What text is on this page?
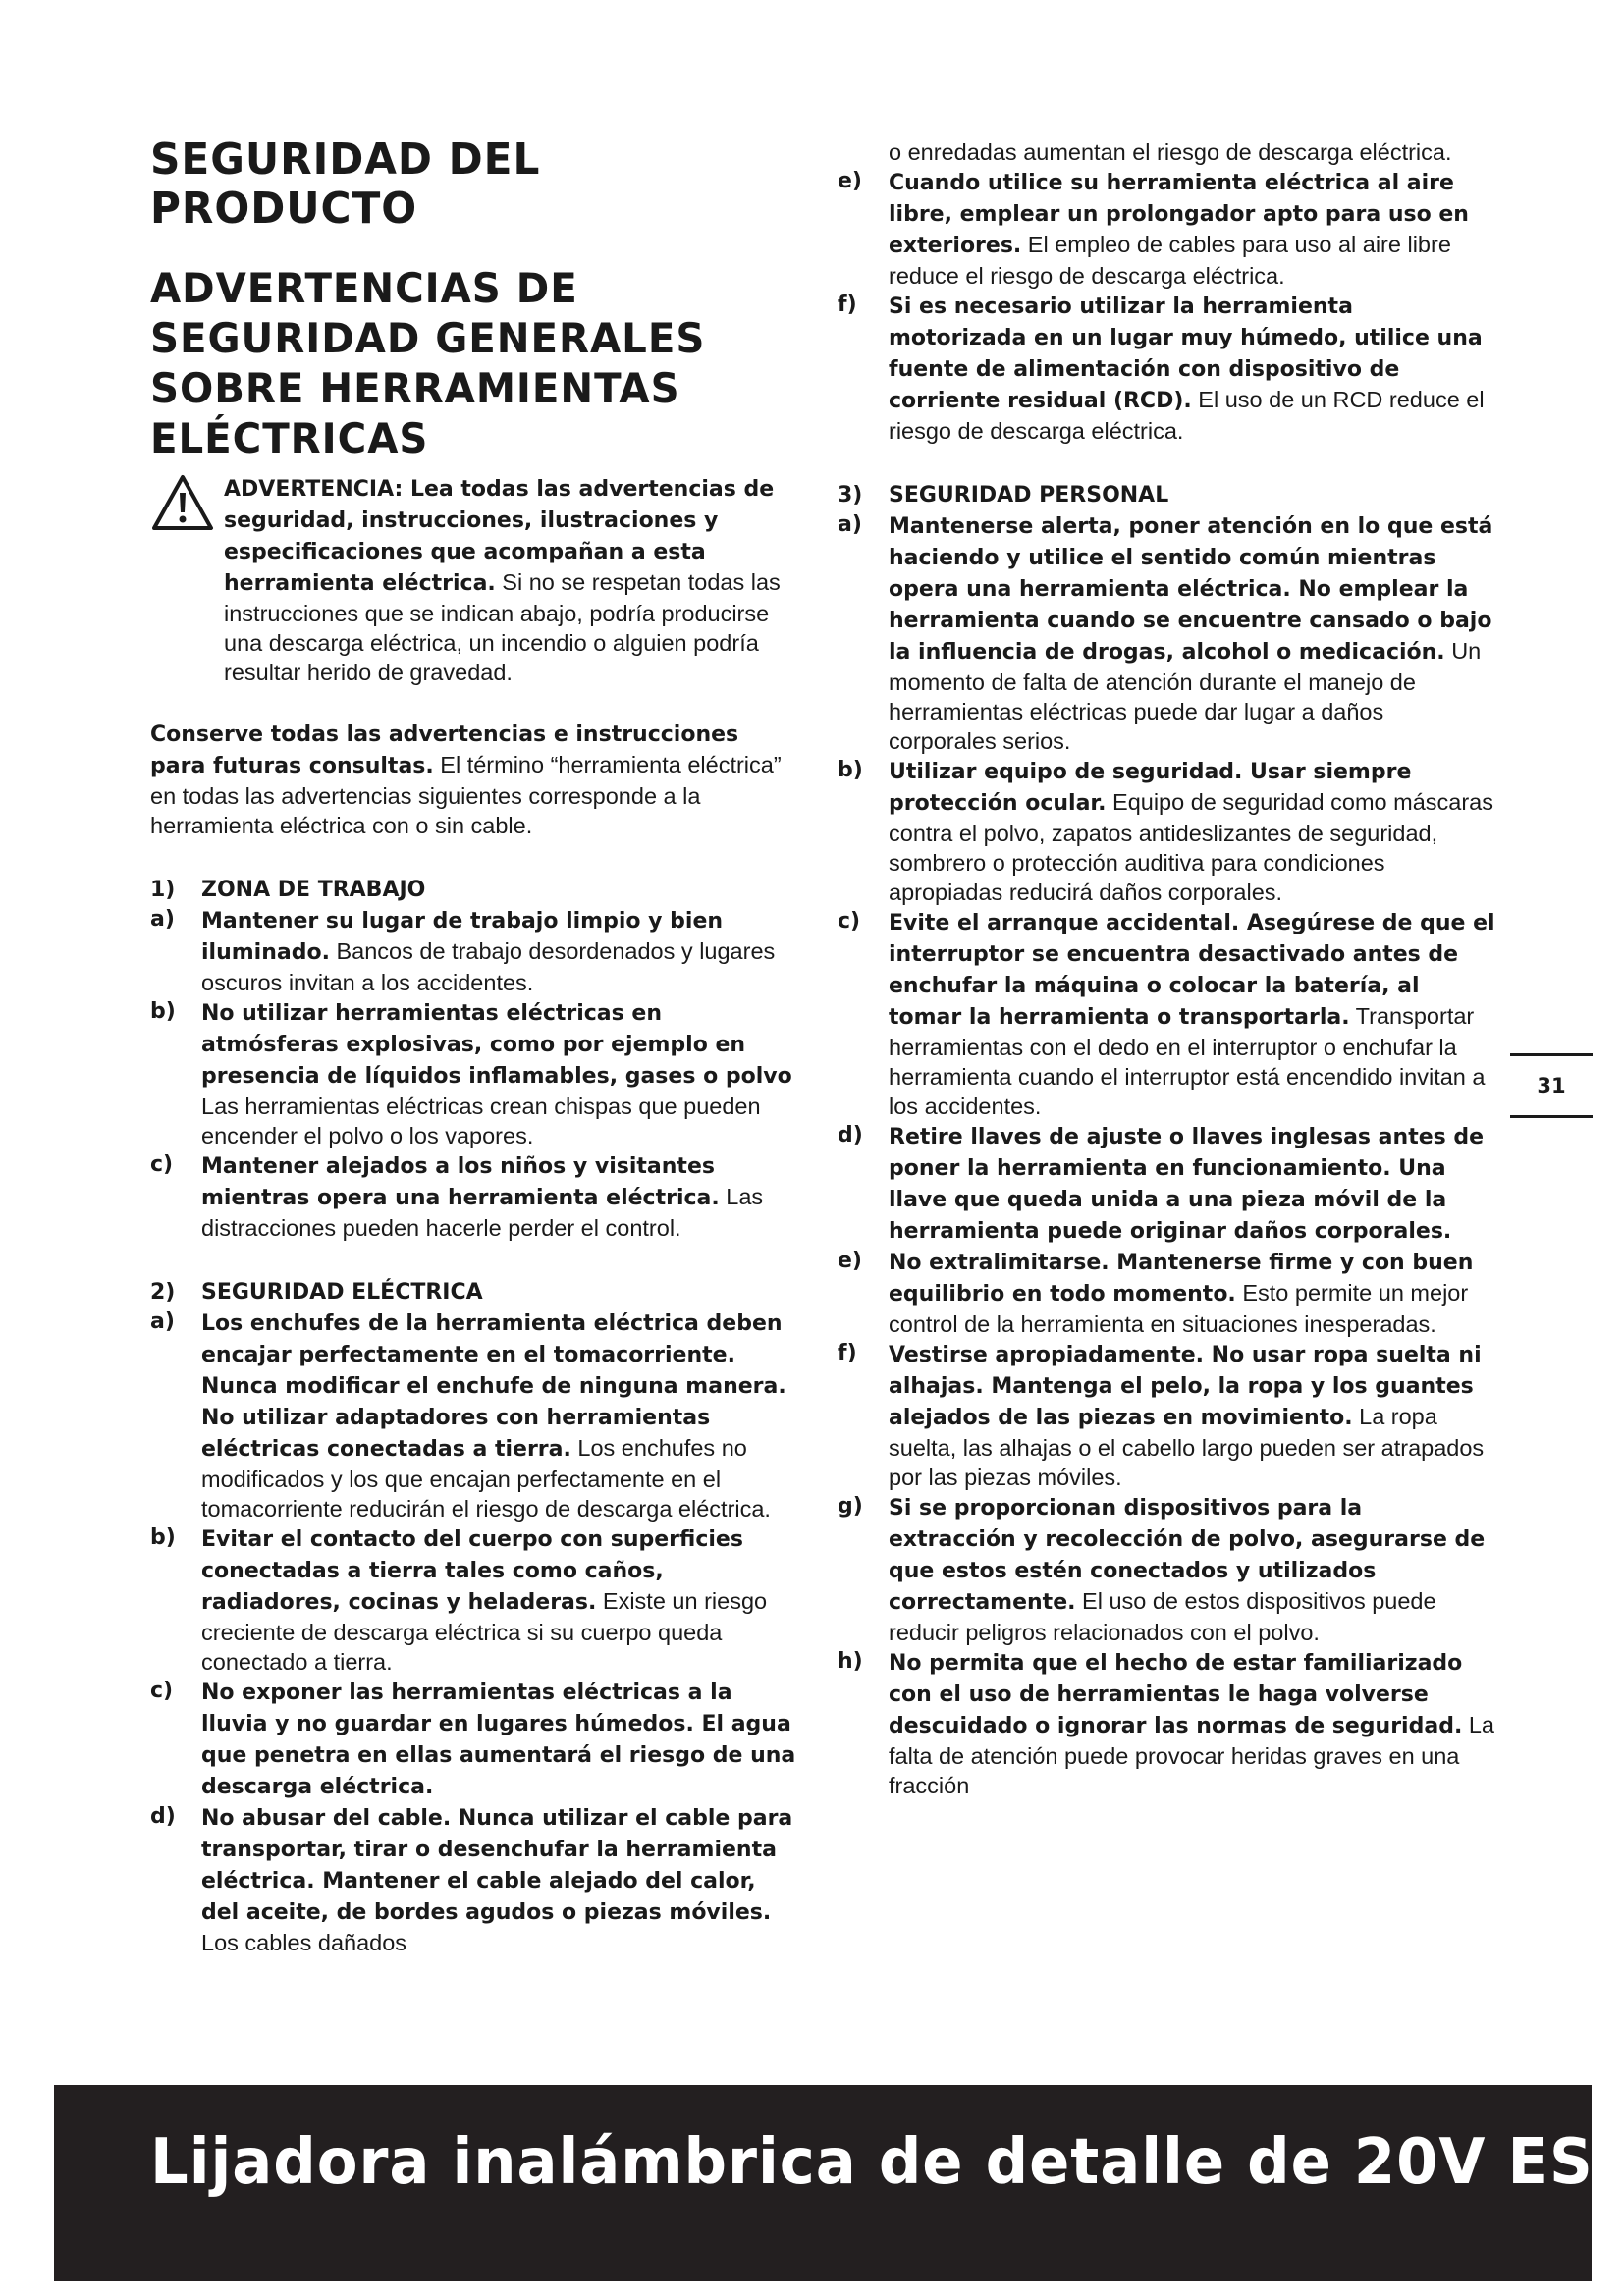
SEGURIDAD DEL PRODUCTO
ADVERTENCIAS DE
SEGURIDAD GENERALES
SOBRE HERRAMIENTAS
ELÉCTRICAS

ADVERTENCIA: Lea todas las advertencias de seguridad, instrucciones, ilustraciones y especificaciones que acompañan a esta herramienta eléctrica. Si no se respetan todas las instrucciones que se indican abajo, podría producirse una descarga eléctrica, un incendio o alguien podría resultar herido de gravedad.

Conserve todas las advertencias e instrucciones para futuras consultas. El término “herramienta eléctrica” en todas las advertencias siguientes corresponde a la herramienta eléctrica con o sin cable.

1) ZONA DE TRABAJO
a) Mantener su lugar de trabajo limpio y bien iluminado. Bancos de trabajo desordenados y lugares oscuros invitan a los accidentes.
b) No utilizar herramientas eléctricas en atmósferas explosivas, como por ejemplo en presencia de líquidos inflamables, gases o polvo Las herramientas eléctricas crean chispas que pueden encender el polvo o los vapores.
c) Mantener alejados a los niños y visitantes mientras opera una herramienta eléctrica. Las distracciones pueden hacerle perder el control.
2) SEGURIDAD ELÉCTRICA
a) Los enchufes de la herramienta eléctrica deben encajar perfectamente en el tomacorriente. Nunca modificar el enchufe de ninguna manera. No utilizar adaptadores con herramientas eléctricas conectadas a tierra. Los enchufes no modificados y los que encajan perfectamente en el tomacorriente reducirán el riesgo de descarga eléctrica.
b) Evitar el contacto del cuerpo con superficies conectadas a tierra tales como caños, radiadores, cocinas y heladeras. Existe un riesgo creciente de descarga eléctrica si su cuerpo queda conectado a tierra.
c) No exponer las herramientas eléctricas a la lluvia y no guardar en lugares húmedos. El agua que penetra en ellas aumentará el riesgo de una descarga eléctrica.
d) No abusar del cable. Nunca utilizar el cable para transportar, tirar o desenchufar la herramienta eléctrica. Mantener el cable alejado del calor, del aceite, de bordes agudos o piezas móviles. Los cables dañados

o enredadas aumentan el riesgo de descarga eléctrica.

e) Cuando utilice su herramienta eléctrica al aire libre, emplear un prolongador apto para uso en exteriores. El empleo de cables para uso al aire libre reduce el riesgo de descarga eléctrica.
f) Si es necesario utilizar la herramienta motorizada en un lugar muy húmedo, utilice una fuente de alimentación con dispositivo de corriente residual (RCD). El uso de un RCD reduce el riesgo de descarga eléctrica.
3) SEGURIDAD PERSONAL
a) Mantenerse alerta, poner atención en lo que está haciendo y utilice el sentido común mientras opera una herramienta eléctrica. No emplear la herramienta cuando se encuentre cansado o bajo la influencia de drogas, alcohol o medicación. Un momento de falta de atención durante el manejo de herramientas eléctricas puede dar lugar a daños corporales serios.
b) Utilizar equipo de seguridad. Usar siempre protección ocular. Equipo de seguridad como máscaras contra el polvo, zapatos antideslizantes de seguridad, sombrero o protección auditiva para condiciones apropiadas reducirá daños corporales.
c) Evite el arranque accidental. Asegúrese de que el interruptor se encuentra desactivado antes de enchufar la máquina o colocar la batería, al tomar la herramienta o transportarla. Transportar herramientas con el dedo en el interruptor o enchufar la herramienta cuando el interruptor está encendido invitan a los accidentes.
d) Retire llaves de ajuste o llaves inglesas antes de poner la herramienta en funcionamiento. Una llave que queda unida a una pieza móvil de la herramienta puede originar daños corporales.
e) No extralimitarse. Mantenerse firme y con buen equilibrio en todo momento. Esto permite un mejor control de la herramienta en situaciones inesperadas.
f) Vestirse apropiadamente. No usar ropa suelta ni alhajas. Mantenga el pelo, la ropa y los guantes alejados de las piezas en movimiento. La ropa suelta, las alhajas o el cabello largo pueden ser atrapados por las piezas móviles.
g) Si se proporcionan dispositivos para la extracción y recolección de polvo, asegurarse de que estos estén conectados y utilizados correctamente. El uso de estos dispositivos puede reducir peligros relacionados con el polvo.
h) No permita que el hecho de estar familiarizado con el uso de herramientas le haga volverse descuidado o ignorar las normas de seguridad. La falta de atención puede provocar heridas graves en una fracción
31
Lijadora inalámbrica de detalle de 20V ES
